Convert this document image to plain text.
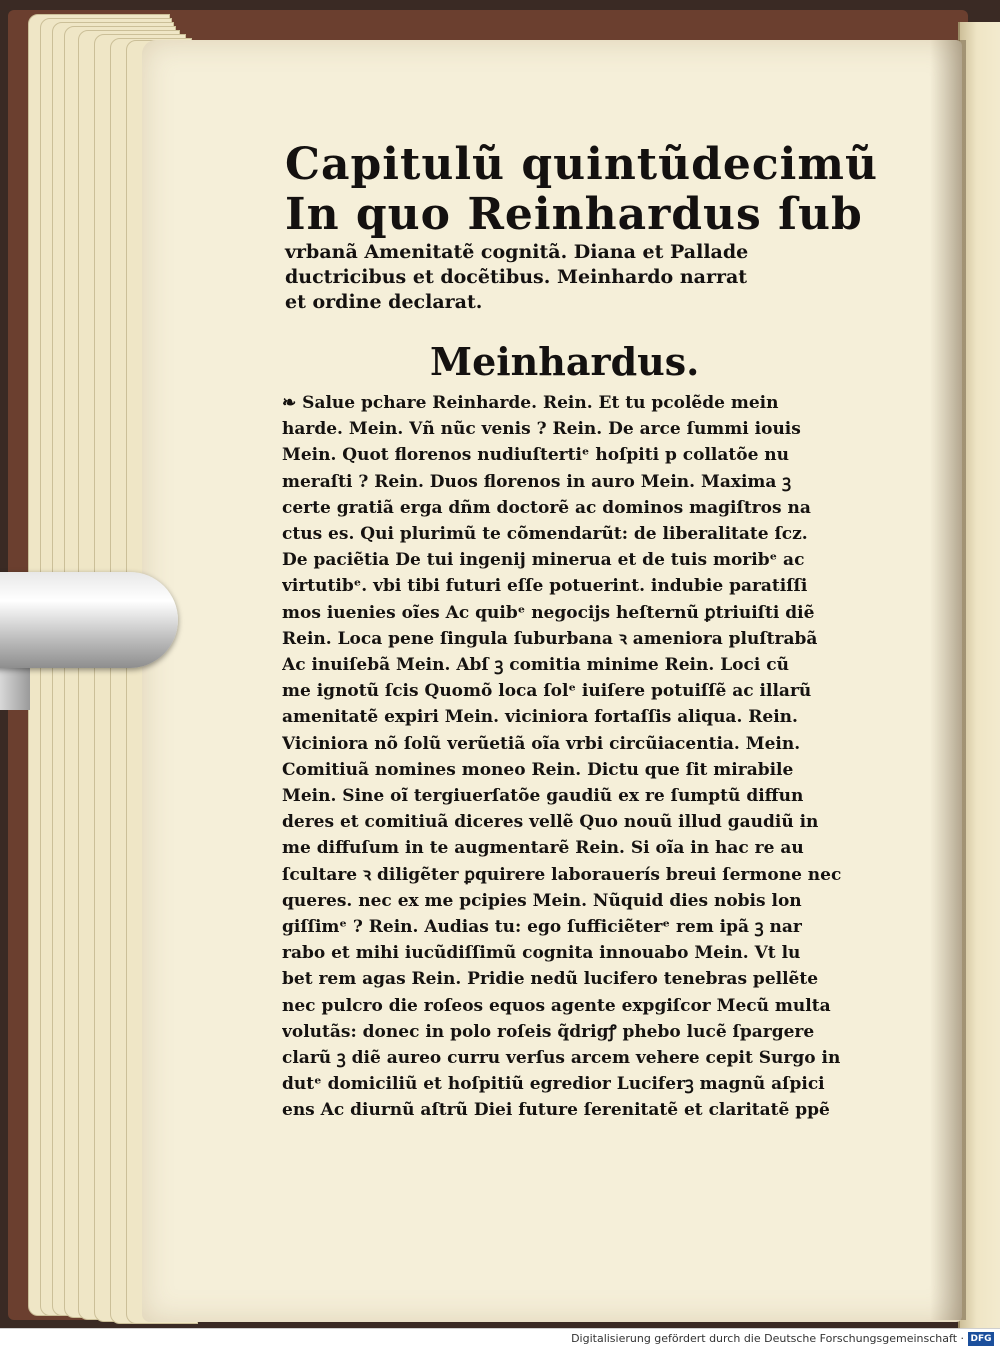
Capitulũ quintũdecimũ
In quo Reinhardus ſub
vrbanã Amenitatẽ cognitã. Diana et Pallade
ductricibus et docẽtibus. Meinhardo narrat
et ordine declarat.
Meinhardus.
❧ Salue pchare Reinharde. Rein. Et tu pcolẽde mein
harde. Mein. Vñ nũc venis ? Rein. De arce ſummi iouis
Mein. Quot florenos nudiuſtertiᵉ hoſpiti p collatõe nu
meraſti ? Rein. Duos florenos in auro Mein. Maxima ꝫ
certe gratiã erga dñm doctorẽ ac dominos magiſtros na
ctus es. Qui plurimũ te cõmendarũt: de liberalitate ſcz.
De paciẽtia De tui ingenij minerua et de tuis moribᵉ ac
virtutibᵉ. vbi tibi futuri eſſe potuerint. indubie paratiſſi
mos iuenies oĩes Ac quibᵉ negocijs heſternũ ꝑtriuiſti diẽ
Rein. Loca pene ſingula ſuburbana ꝛ ameniora pluſtrabã
Ac inuiſebã Mein. Abſ ꝫ comitia minime Rein. Loci cũ
me ignotũ ſcis Quomõ loca ſolᵉ iuiſere potuiſſẽ ac illarũ
amenitatẽ expiri Mein. viciniora fortaſſis aliqua. Rein.
Viciniora nõ ſolũ verũetiã oĩa vrbi circũiacentia. Mein.
Comitiuã nomines moneo Rein. Dictu que ſit mirabile
Mein. Sine oĩ tergiuerſatõe gaudiũ ex re ſumptũ diffun
deres et comitiuã diceres vellẽ Quo nouũ illud gaudiũ in
me diffuſum in te augmentarẽ Rein. Si oĩa in hac re au
ſcultare ꝛ diligẽter ꝑquirere laborauerís breui ſermone nec
queres. nec ex me pcipies Mein. Nũquid dies nobis lon
giſſimᵉ ? Rein. Audias tu: ego ſufficiẽterᵉ rem ipã ꝫ nar
rabo et mihi iucũdiſſimũ cognita innouabo Mein. Vt lu
bet rem agas Rein. Pridie nedũ lucifero tenebras pellẽte
nec pulcro die roſeos equos agente expgiſcor Mecũ multa
volutãs: donec in polo roſeis q̃drigꝭ phebo lucẽ ſpargere
clarũ ꝫ diẽ aureo curru verſus arcem vehere cepit Surgo in
dutᵉ domiciliũ et hoſpitiũ egredior Luciferꝫ magnũ aſpici
ens Ac diurnũ aſtrũ Diei future ſerenitatẽ et claritatẽ ppẽ
Digitalisierung gefördert durch die Deutsche Forschungsgemeinschaft · DFG
